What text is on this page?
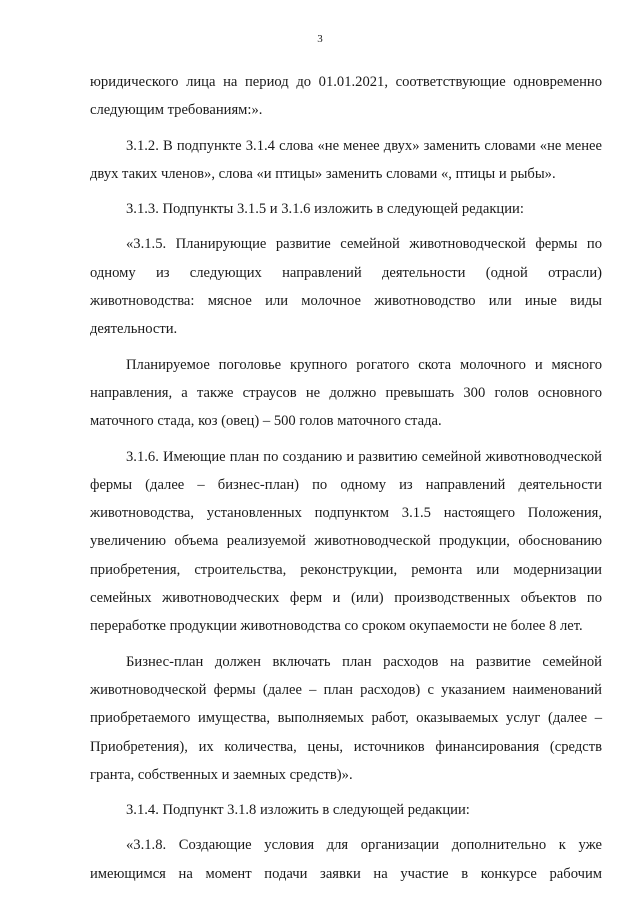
3

юридического лица на период до 01.01.2021, соответствующие одновременно следующим требованиям:».

3.1.2. В подпункте 3.1.4 слова «не менее двух» заменить словами «не менее двух таких членов», слова «и птицы» заменить словами «, птицы и рыбы».

3.1.3. Подпункты 3.1.5 и 3.1.6 изложить в следующей редакции:

«3.1.5. Планирующие развитие семейной животноводческой фермы по одному из следующих направлений деятельности (одной отрасли) животноводства: мясное или молочное животноводство или иные виды деятельности.

Планируемое поголовье крупного рогатого скота молочного и мясного направления, а также страусов не должно превышать 300 голов основного маточного стада, коз (овец) – 500 голов маточного стада.

3.1.6. Имеющие план по созданию и развитию семейной животноводческой фермы (далее – бизнес-план) по одному из направлений деятельности животноводства, установленных подпунктом 3.1.5 настоящего Положения, увеличению объема реализуемой животноводческой продукции, обоснованию приобретения, строительства, реконструкции, ремонта или модернизации семейных животноводческих ферм и (или) производственных объектов по переработке продукции животноводства со сроком окупаемости не более 8 лет.

Бизнес-план должен включать план расходов на развитие семейной животноводческой фермы (далее – план расходов) с указанием наименований приобретаемого имущества, выполняемых работ, оказываемых услуг (далее – Приобретения), их количества, цены, источников финансирования (средств гранта, собственных и заемных средств)».

3.1.4. Подпункт 3.1.8 изложить в следующей редакции:

«3.1.8. Создающие условия для организации дополнительно к уже имеющимся на момент подачи заявки на участие в конкурсе рабочим
